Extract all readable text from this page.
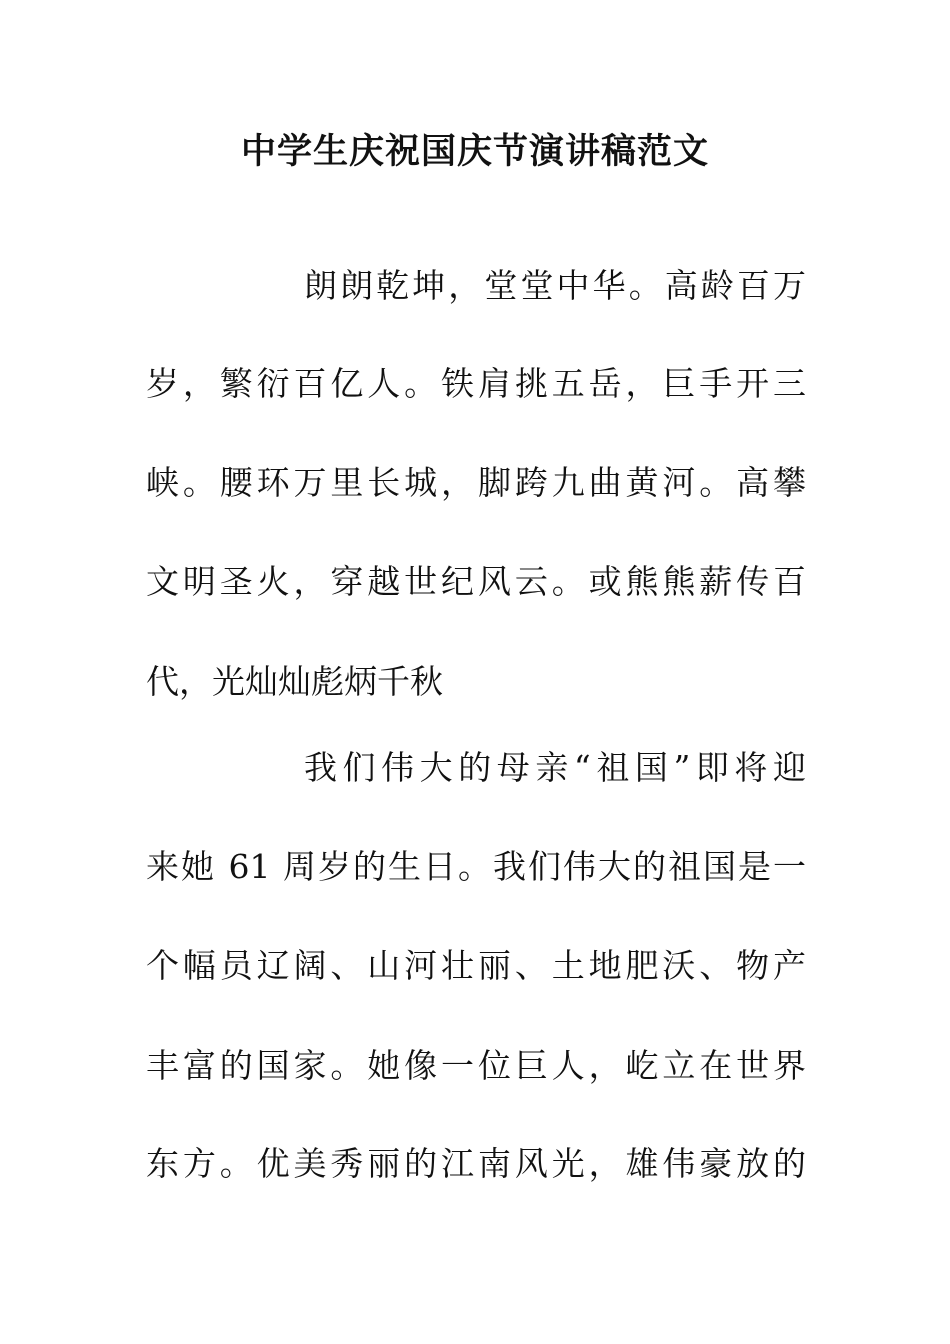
中学生庆祝国庆节演讲稿范文

朗朗乾坤，堂堂中华。高龄百万

岁，繁衍百亿人。铁肩挑五岳，巨手开三

峡。腰环万里长城，脚跨九曲黄河。高攀

文明圣火，穿越世纪风云。或熊熊薪传百

代，光灿灿彪炳千秋

我们伟大的母亲“祖国”即将迎

来她 61 周岁的生日。我们伟大的祖国是一

个幅员辽阔、山河壮丽、土地肥沃、物产

丰富的国家。她像一位巨人，屹立在世界

东方。优美秀丽的江南风光，雄伟豪放的
